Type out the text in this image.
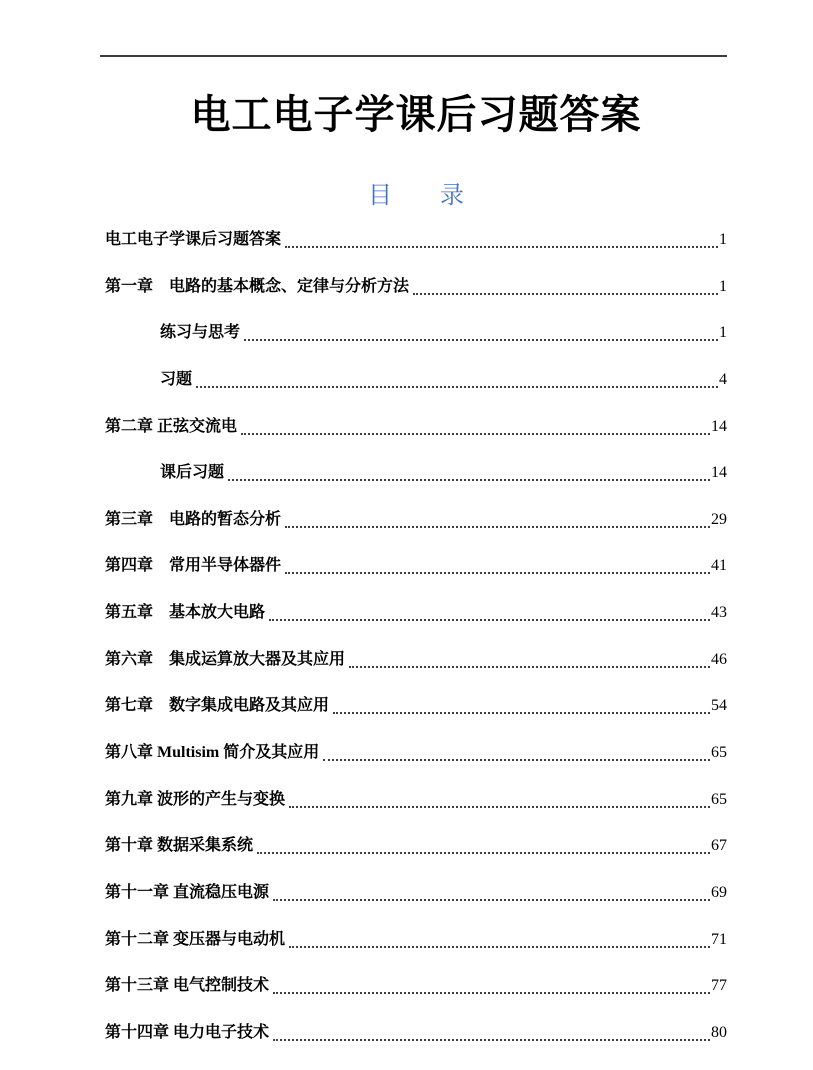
电工电子学课后习题答案
目　　录
电工电子学课后习题答案	1
第一章　电路的基本概念、定律与分析方法	1
练习与思考	1
习题	4
第二章 正弦交流电	14
课后习题	14
第三章　电路的暂态分析	29
第四章　常用半导体器件	41
第五章　基本放大电路	43
第六章　集成运算放大器及其应用	46
第七章　数字集成电路及其应用	54
第八章 Multisim 简介及其应用	65
第九章 波形的产生与变换	65
第十章 数据采集系统	67
第十一章 直流稳压电源	69
第十二章 变压器与电动机	71
第十三章 电气控制技术	77
第十四章 电力电子技术	80
